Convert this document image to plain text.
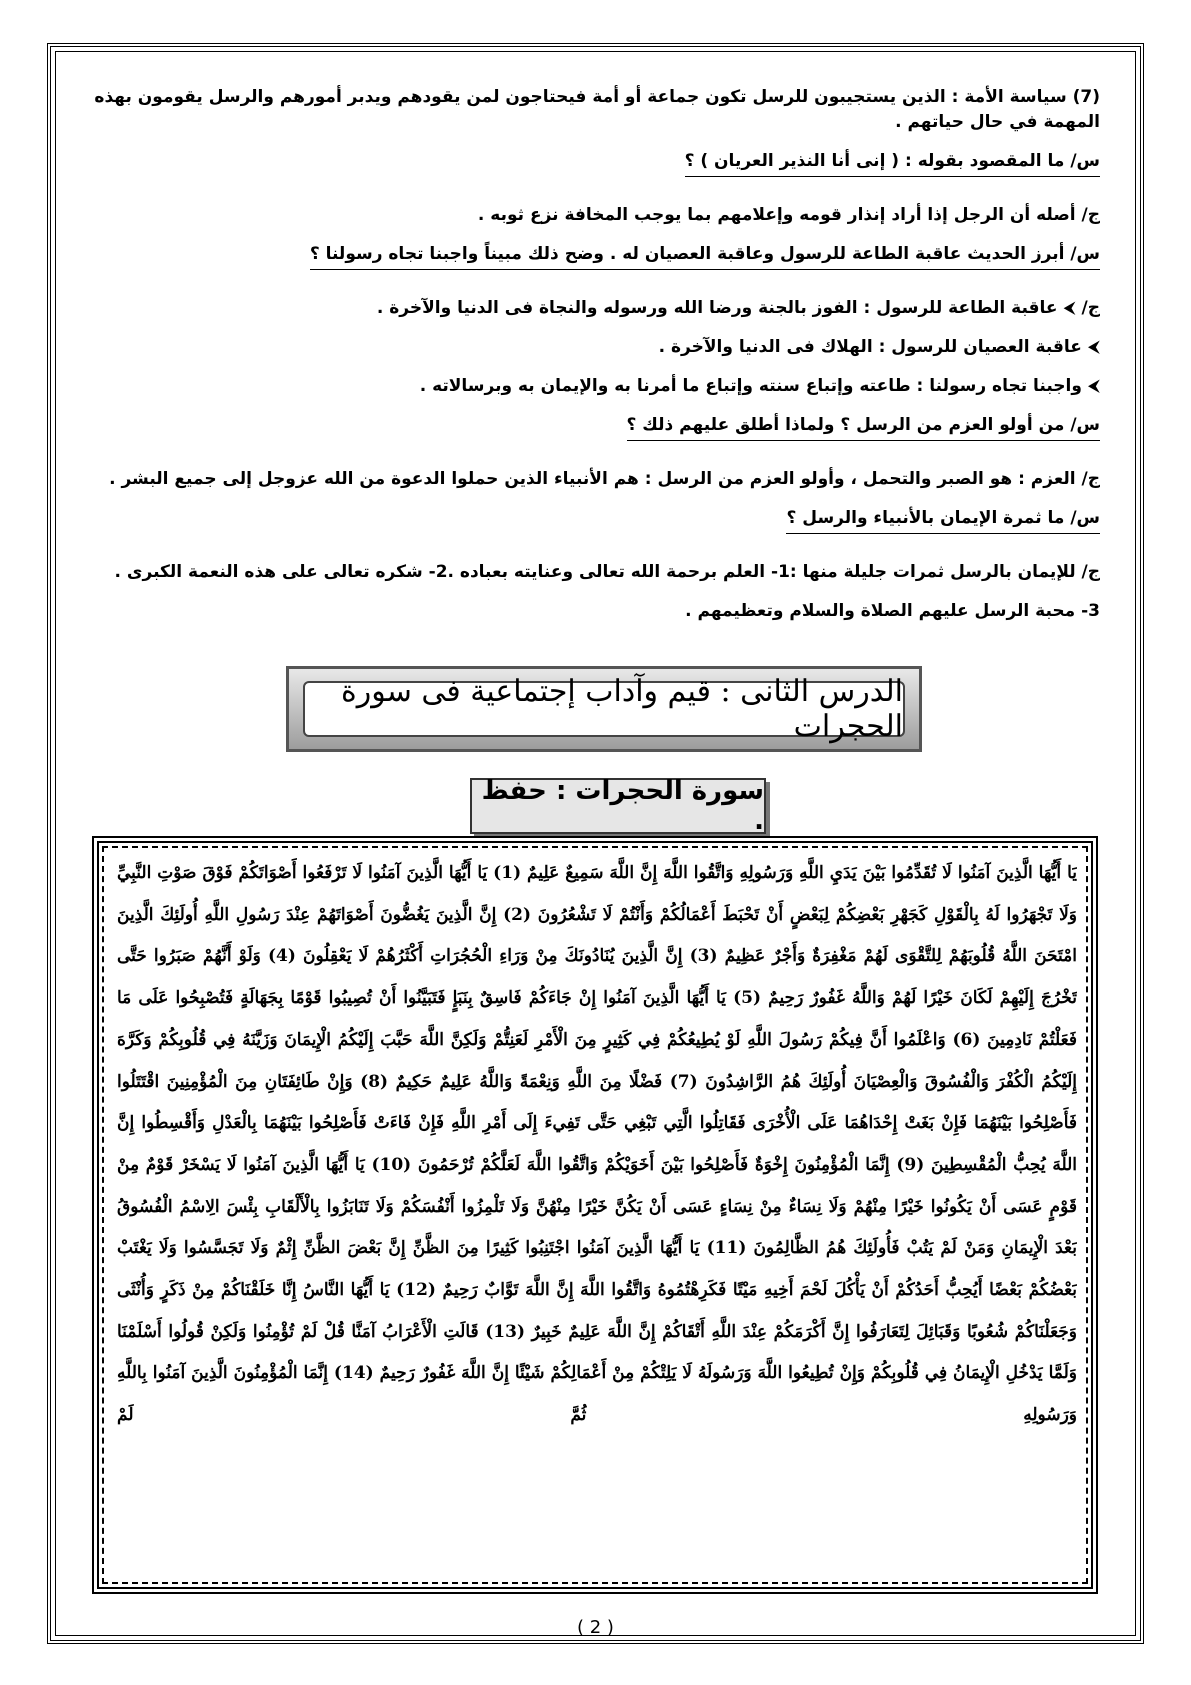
(7) سياسة الأمة : الذين يستجيبون للرسل تكون جماعة أو أمة فيحتاجون لمن يقودهم ويدبر أمورهم والرسل يقومون بهذه المهمة في حال حياتهم .

س/ ما المقصود بقوله : ( إنى أنا النذير العريان ) ؟

ج/ أصله أن الرجل إذا أراد إنذار قومه وإعلامهم بما يوجب المخافة نزع ثوبه .

س/ أبرز الحديث عاقبة الطاعة للرسول وعاقبة العصيان له . وضح ذلك مبيناً واجبنا تجاه رسولنا ؟

ج/ ⮜عاقبة الطاعة للرسول : الفوز بالجنة ورضا الله ورسوله والنجاة فى الدنيا والآخرة .

⮜عاقبة العصيان للرسول : الهلاك فى الدنيا والآخرة .

⮜واجبنا تجاه رسولنا : طاعته وإتباع سنته وإتباع ما أمرنا به والإيمان به وبرسالاته .

س/ من أولو العزم من الرسل ؟ ولماذا أطلق عليهم ذلك ؟

ج/ العزم : هو الصبر والتحمل ، وأولو العزم من الرسل : هم الأنبياء الذين حملوا الدعوة من الله عزوجل إلى جميع البشر .

س/ ما ثمرة الإيمان بالأنبياء والرسل ؟

ج/ للإيمان بالرسل ثمرات جليلة منها :1- العلم برحمة الله تعالى وعنايته بعباده .2- شكره تعالى على هذه النعمة الكبرى .

3- محبة الرسل عليهم الصلاة والسلام وتعظيمهم .

الدرس الثانى : قيم وآداب إجتماعية فى سورة الحجرات
سورة الحجرات : حفظ .
يَا أَيُّهَا الَّذِينَ آمَنُوا لَا تُقَدِّمُوا بَيْنَ يَدَيِ اللَّهِ وَرَسُولِهِ وَاتَّقُوا اللَّهَ إِنَّ اللَّهَ سَمِيعٌ عَلِيمٌ (1) يَا أَيُّهَا الَّذِينَ آمَنُوا لَا تَرْفَعُوا أَصْوَاتَكُمْ فَوْقَ صَوْتِ النَّبِيِّ وَلَا تَجْهَرُوا لَهُ بِالْقَوْلِ كَجَهْرِ بَعْضِكُمْ لِبَعْضٍ أَنْ تَحْبَطَ أَعْمَالُكُمْ وَأَنْتُمْ لَا تَشْعُرُونَ (2) إِنَّ الَّذِينَ يَغُضُّونَ أَصْوَاتَهُمْ عِنْدَ رَسُولِ اللَّهِ أُولَئِكَ الَّذِينَ امْتَحَنَ اللَّهُ قُلُوبَهُمْ لِلتَّقْوَى لَهُمْ مَغْفِرَةٌ وَأَجْرٌ عَظِيمٌ (3) إِنَّ الَّذِينَ يُنَادُونَكَ مِنْ وَرَاءِ الْحُجُرَاتِ أَكْثَرُهُمْ لَا يَعْقِلُونَ (4) وَلَوْ أَنَّهُمْ صَبَرُوا حَتَّى تَخْرُجَ إِلَيْهِمْ لَكَانَ خَيْرًا لَهُمْ وَاللَّهُ غَفُورٌ رَحِيمٌ (5) يَا أَيُّهَا الَّذِينَ آمَنُوا إِنْ جَاءَكُمْ فَاسِقٌ بِنَبَإٍ فَتَبَيَّنُوا أَنْ تُصِيبُوا قَوْمًا بِجَهَالَةٍ فَتُصْبِحُوا عَلَى مَا فَعَلْتُمْ نَادِمِينَ (6) وَاعْلَمُوا أَنَّ فِيكُمْ رَسُولَ اللَّهِ لَوْ يُطِيعُكُمْ فِي كَثِيرٍ مِنَ الْأَمْرِ لَعَنِتُّمْ وَلَكِنَّ اللَّهَ حَبَّبَ إِلَيْكُمُ الْإِيمَانَ وَزَيَّنَهُ فِي قُلُوبِكُمْ وَكَرَّهَ إِلَيْكُمُ الْكُفْرَ وَالْفُسُوقَ وَالْعِصْيَانَ أُولَئِكَ هُمُ الرَّاشِدُونَ (7) فَضْلًا مِنَ اللَّهِ وَنِعْمَةً وَاللَّهُ عَلِيمٌ حَكِيمٌ (8) وَإِنْ طَائِفَتَانِ مِنَ الْمُؤْمِنِينَ اقْتَتَلُوا فَأَصْلِحُوا بَيْنَهُمَا فَإِنْ بَغَتْ إِحْدَاهُمَا عَلَى الْأُخْرَى فَقَاتِلُوا الَّتِي تَبْغِي حَتَّى تَفِيءَ إِلَى أَمْرِ اللَّهِ فَإِنْ فَاءَتْ فَأَصْلِحُوا بَيْنَهُمَا بِالْعَدْلِ وَأَقْسِطُوا إِنَّ اللَّهَ يُحِبُّ الْمُقْسِطِينَ (9) إِنَّمَا الْمُؤْمِنُونَ إِخْوَةٌ فَأَصْلِحُوا بَيْنَ أَخَوَيْكُمْ وَاتَّقُوا اللَّهَ لَعَلَّكُمْ تُرْحَمُونَ (10) يَا أَيُّهَا الَّذِينَ آمَنُوا لَا يَسْخَرْ قَوْمٌ مِنْ قَوْمٍ عَسَى أَنْ يَكُونُوا خَيْرًا مِنْهُمْ وَلَا نِسَاءٌ مِنْ نِسَاءٍ عَسَى أَنْ يَكُنَّ خَيْرًا مِنْهُنَّ وَلَا تَلْمِزُوا أَنْفُسَكُمْ وَلَا تَنَابَزُوا بِالْأَلْقَابِ بِئْسَ الِاسْمُ الْفُسُوقُ بَعْدَ الْإِيمَانِ وَمَنْ لَمْ يَتُبْ فَأُولَئِكَ هُمُ الظَّالِمُونَ (11) يَا أَيُّهَا الَّذِينَ آمَنُوا اجْتَنِبُوا كَثِيرًا مِنَ الظَّنِّ إِنَّ بَعْضَ الظَّنِّ إِثْمٌ وَلَا تَجَسَّسُوا وَلَا يَغْتَبْ بَعْضُكُمْ بَعْضًا أَيُحِبُّ أَحَدُكُمْ أَنْ يَأْكُلَ لَحْمَ أَخِيهِ مَيْتًا فَكَرِهْتُمُوهُ وَاتَّقُوا اللَّهَ إِنَّ اللَّهَ تَوَّابٌ رَحِيمٌ (12) يَا أَيُّهَا النَّاسُ إِنَّا خَلَقْنَاكُمْ مِنْ ذَكَرٍ وَأُنْثَى وَجَعَلْنَاكُمْ شُعُوبًا وَقَبَائِلَ لِتَعَارَفُوا إِنَّ أَكْرَمَكُمْ عِنْدَ اللَّهِ أَتْقَاكُمْ إِنَّ اللَّهَ عَلِيمٌ خَبِيرٌ (13) قَالَتِ الْأَعْرَابُ آمَنَّا قُلْ لَمْ تُؤْمِنُوا وَلَكِنْ قُولُوا أَسْلَمْنَا وَلَمَّا يَدْخُلِ الْإِيمَانُ فِي قُلُوبِكُمْ وَإِنْ تُطِيعُوا اللَّهَ وَرَسُولَهُ لَا يَلِتْكُمْ مِنْ أَعْمَالِكُمْ شَيْئًا إِنَّ اللَّهَ غَفُورٌ رَحِيمٌ (14) إِنَّمَا الْمُؤْمِنُونَ الَّذِينَ آمَنُوا بِاللَّهِ وَرَسُولِهِ ثُمَّ لَمْ
( 2 )
